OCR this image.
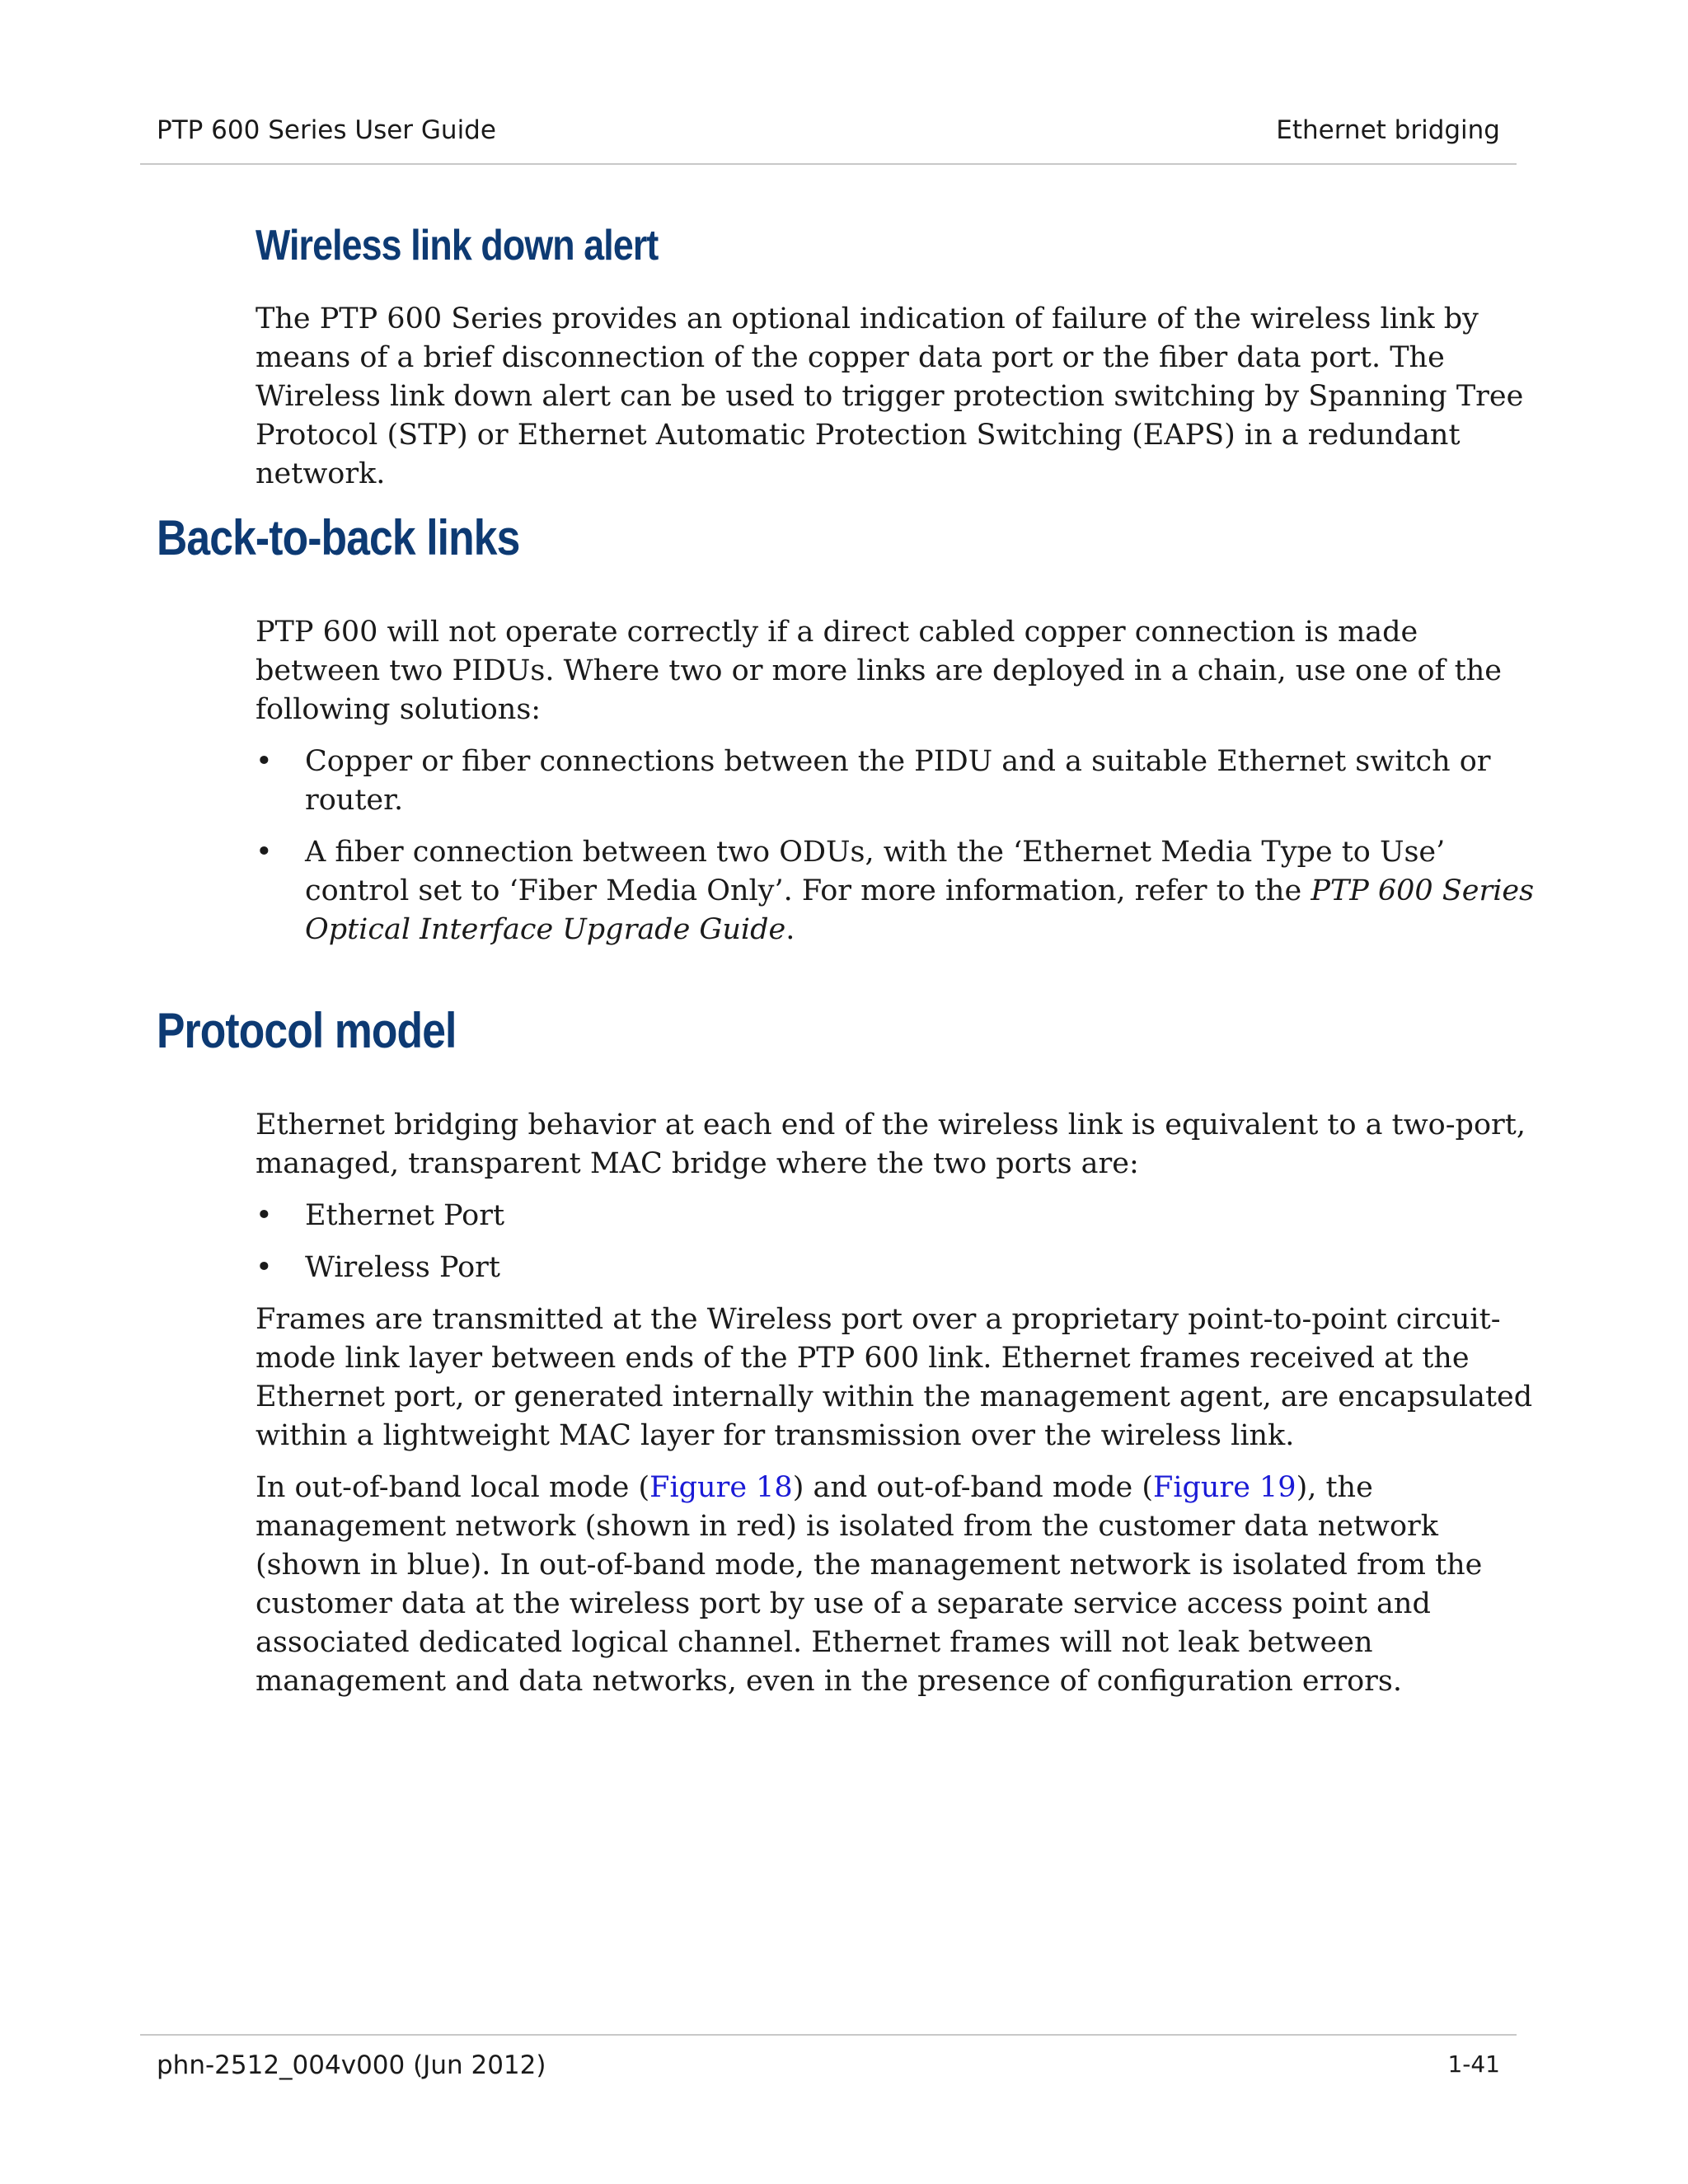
PTP 600 Series User Guide	Ethernet bridging
Wireless link down alert

The PTP 600 Series provides an optional indication of failure of the wireless link by means of a brief disconnection of the copper data port or the fiber data port. The Wireless link down alert can be used to trigger protection switching by Spanning Tree Protocol (STP) or Ethernet Automatic Protection Switching (EAPS) in a redundant network.

Back-to-back links

PTP 600 will not operate correctly if a direct cabled copper connection is made between two PIDUs. Where two or more links are deployed in a chain, use one of the following solutions:

• Copper or fiber connections between the PIDU and a suitable Ethernet switch or router.
• A fiber connection between two ODUs, with the ‘Ethernet Media Type to Use’ control set to ‘Fiber Media Only’. For more information, refer to the PTP 600 Series Optical Interface Upgrade Guide.
Protocol model

Ethernet bridging behavior at each end of the wireless link is equivalent to a two-port, managed, transparent MAC bridge where the two ports are:

• Ethernet Port
• Wireless Port

Frames are transmitted at the Wireless port over a proprietary point-to-point circuit-mode link layer between ends of the PTP 600 link. Ethernet frames received at the Ethernet port, or generated internally within the management agent, are encapsulated within a lightweight MAC layer for transmission over the wireless link.

In out-of-band local mode (Figure 18) and out-of-band mode (Figure 19), the management network (shown in red) is isolated from the customer data network (shown in blue). In out-of-band mode, the management network is isolated from the customer data at the wireless port by use of a separate service access point and associated dedicated logical channel. Ethernet frames will not leak between management and data networks, even in the presence of configuration errors.

phn-2512_004v000 (Jun 2012)	1-41
